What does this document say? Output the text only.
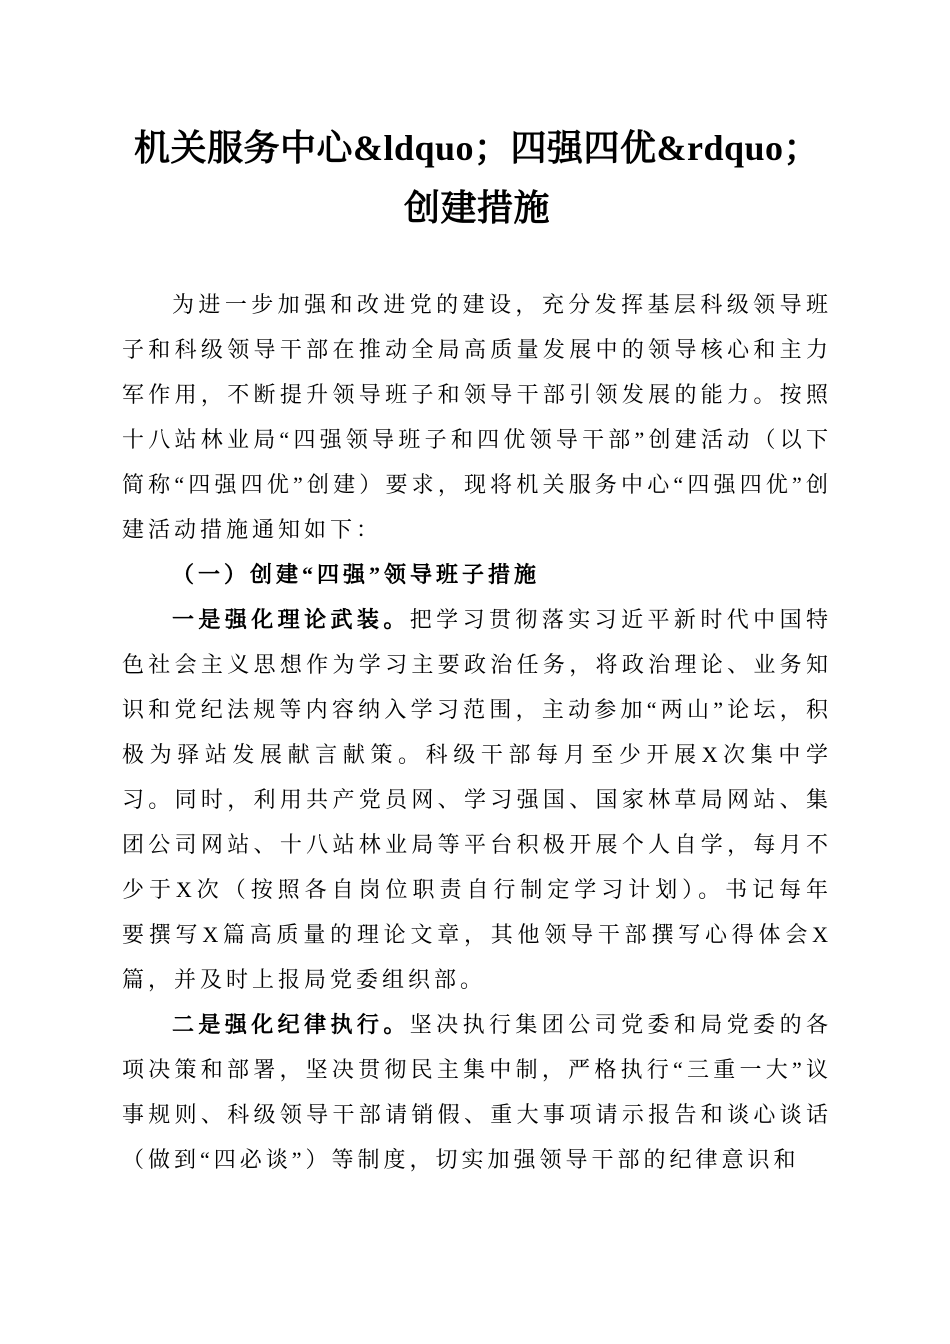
机关服务中心&ldquo；四强四优&rdquo；创建措施

为进一步加强和改进党的建设，充分发挥基层科级领导班子和科级领导干部在推动全局高质量发展中的领导核心和主力军作用，不断提升领导班子和领导干部引领发展的能力。按照十八站林业局“四强领导班子和四优领导干部”创建活动（以下简称“四强四优”创建）要求，现将机关服务中心“四强四优”创建活动措施通知如下：

（一）创建“四强”领导班子措施

一是强化理论武装。把学习贯彻落实习近平新时代中国特色社会主义思想作为学习主要政治任务，将政治理论、业务知识和党纪法规等内容纳入学习范围，主动参加“两山”论坛，积极为驿站发展献言献策。科级干部每月至少开展X次集中学习。同时，利用共产党员网、学习强国、国家林草局网站、集团公司网站、十八站林业局等平台积极开展个人自学，每月不少于X次（按照各自岗位职责自行制定学习计划）。书记每年要撰写X篇高质量的理论文章，其他领导干部撰写心得体会X篇，并及时上报局党委组织部。

二是强化纪律执行。坚决执行集团公司党委和局党委的各项决策和部署，坚决贯彻民主集中制，严格执行“三重一大”议事规则、科级领导干部请销假、重大事项请示报告和谈心谈话（做到“四必谈”）等制度，切实加强领导干部的纪律意识和
